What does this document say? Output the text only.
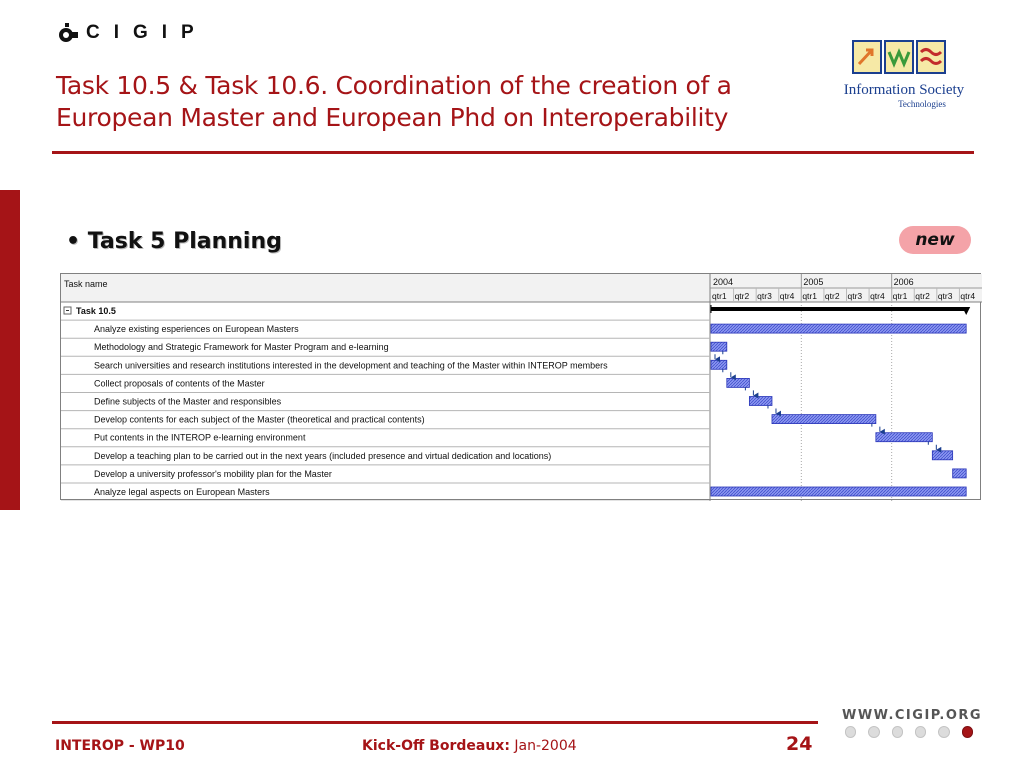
CIGIP
Task 10.5 & Task 10.6. Coordination of the creation of a European Master and European Phd on Interoperability
Information Society
Technologies
• Task 5 Planning	new
Task name	2004	2005	2006
qtr1 qtr2 qtr3 qtr4 qtr1 qtr2 qtr3 qtr4 qtr1 qtr2 qtr3 qtr4
Task 10.5
Analyze existing esperiences on European Masters
Methodology and Strategic Framework for Master Program and e-learning
Search universities and research institutions interested in the development and teaching of the Master within INTEROP members
Collect proposals of contents of the Master
Define subjects of the Master and responsibles
Develop contents for each subject of the Master (theoretical and practical contents)
Put contents in the INTEROP e-learning environment
Develop a teaching plan to be carried out in the next years (included presence and virtual dedication and locations)
Develop a university professor's mobility plan for the Master
Analyze legal aspects on European Masters
INTEROP - WP10	Kick-Off Bordeaux: Jan-2004	24
WWW.CIGIP.ORG
